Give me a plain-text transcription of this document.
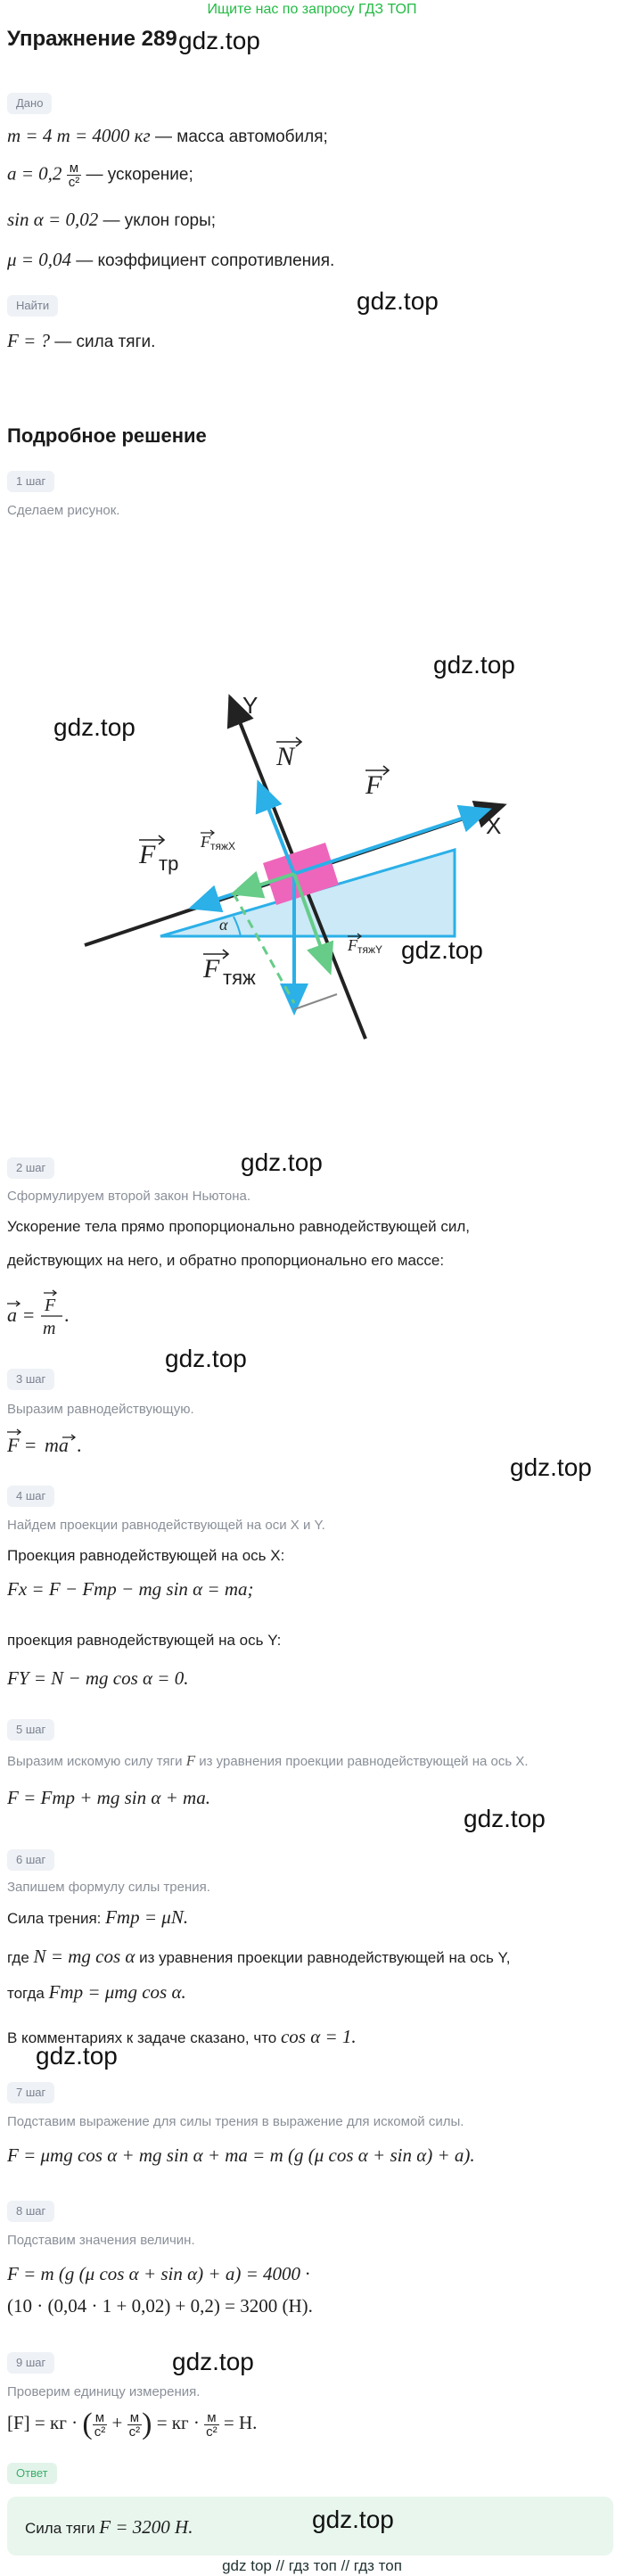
Ищите нас по запросу ГДЗ ТОП
Упражнение 289 gdz.top
Дано
m = 4 т = 4000 кг — масса автомобиля;
$a = 0,2 \frac{м}{\text{с²}}$ — ускорение;
sin α = 0,02 — уклон горы;
μ = 0,04 — коэффициент сопротивления.
Найти	gdz.top
F = ? — сила тяги.
Подробное решение
1 шаг
Сделаем рисунок.
gdz.top
gdz.top
Y
X
N
F
F тр
F тяжX
F тяж
F тяжY
α
gdz.top
gdz.top
2 шаг
Сформулируем второй закон Ньютона.
Ускорение тела прямо пропорционально равнодействующей сил,
действующих на него, и обратно пропорционально его массе:
a = F
m
.
gdz.top
3 шаг
Выразим равнодействующую.
F = ma .
gdz.top
4 шаг
Найдем проекции равнодействующей на оси X и Y.
Проекция равнодействующей на ось X:
Fx = F − Fтр − mg sin α = ma;
проекция равнодействующей на ось Y:
FY = N − mg cos α = 0.
5 шаг
Выразим искомую силу тяги F из уравнения проекции равнодействующей на ось X.
F = Fтр + mg sin α + ma.
gdz.top
6 шаг
Запишем формулу силы трения.
Сила трения: Fтр = μN.
где N = mg cos α из уравнения проекции равнодействующей на ось Y,
тогда Fтр = μmg cos α.
В комментариях к задаче сказано, что cos α = 1.
gdz.top
7 шаг
Подставим выражение для силы трения в выражение для искомой силы.
F = μmg cos α + mg sin α + ma = m (g (μ cos α + sin α) + a).
8 шаг
Подставим значения величин.
F = m (g (μ cos α + sin α) + a) = 4000 ·
(10 · (0,04 · 1 + 0,02) + 0,2) = 3200 (Н).
gdz.top
9 шаг
Проверим единицу измерения.
[F] = кг · ( $\frac{м}{\text{с²}} + \frac{м}{\text{с²}}$ ) = кг · $\frac{м}{\text{с²}} = Н$.
Ответ
Сила тяги F = 3200 Н.	gdz.top
gdz top // гдз топ // гдз топ
